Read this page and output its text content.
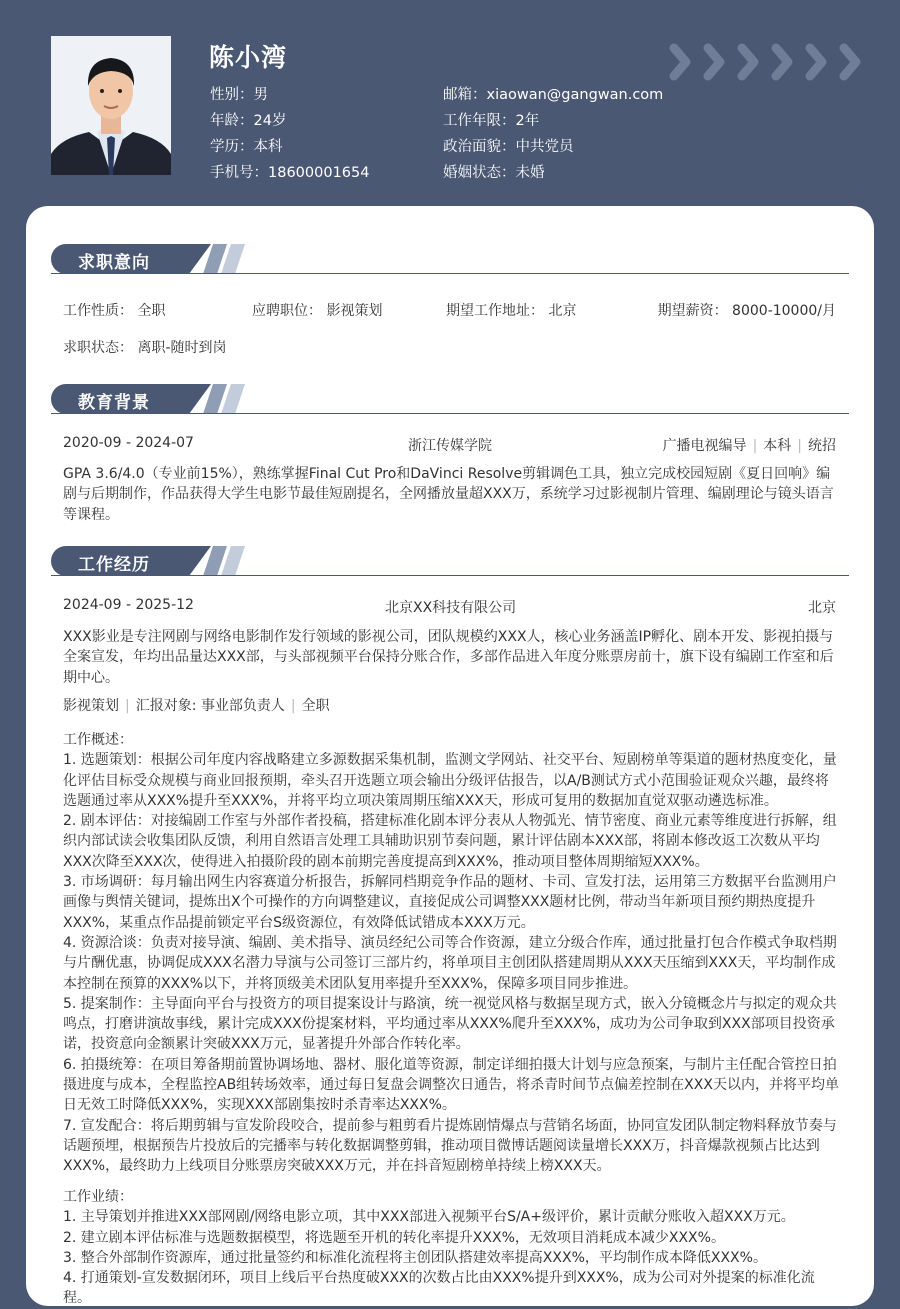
陈小湾
性别：男
年龄：24岁
学历：本科
手机号：18600001654
邮箱：xiaowan@gangwan.com
工作年限：2年
政治面貌：中共党员
婚姻状态：未婚
求职意向
工作性质： 全职	应聘职位： 影视策划	期望工作地址： 北京	期望薪资： 8000-10000/月
求职状态： 离职-随时到岗
教育背景
2020-09 - 2024-07	浙江传媒学院	广播电视编导 | 本科 | 统招
GPA 3.6/4.0（专业前15%），熟练掌握Final Cut Pro和DaVinci Resolve剪辑调色工具，独立完成校园短剧《夏日回响》编剧与后期制作，作品获得大学生电影节最佳短剧提名，全网播放量超XXX万，系统学习过影视制片管理、编剧理论与镜头语言等课程。
工作经历
2024-09 - 2025-12	北京XX科技有限公司	北京
XXX影业是专注网剧与网络电影制作发行领域的影视公司，团队规模约XXX人，核心业务涵盖IP孵化、剧本开发、影视拍摄与全案宣发，年均出品量达XXX部，与头部视频平台保持分账合作，多部作品进入年度分账票房前十，旗下设有编剧工作室和后期中心。
影视策划 | 汇报对象: 事业部负责人 | 全职
工作概述：
1. 选题策划：根据公司年度内容战略建立多源数据采集机制，监测文学网站、社交平台、短剧榜单等渠道的题材热度变化，量化评估目标受众规模与商业回报预期，牵头召开选题立项会输出分级评估报告，以A/B测试方式小范围验证观众兴趣，最终将选题通过率从XXX%提升至XXX%，并将平均立项决策周期压缩XXX天，形成可复用的数据加直觉双驱动遴选标准。
2. 剧本评估：对接编剧工作室与外部作者投稿，搭建标准化剧本评分表从人物弧光、情节密度、商业元素等维度进行拆解，组织内部试读会收集团队反馈，利用自然语言处理工具辅助识别节奏问题，累计评估剧本XXX部，将剧本修改返工次数从平均XXX次降至XXX次，使得进入拍摄阶段的剧本前期完善度提高到XXX%，推动项目整体周期缩短XXX%。
3. 市场调研：每月输出网生内容赛道分析报告，拆解同档期竞争作品的题材、卡司、宣发打法，运用第三方数据平台监测用户画像与舆情关键词，提炼出X个可操作的方向调整建议，直接促成公司调整XXX题材比例，带动当年新项目预约期热度提升XXX%，某重点作品提前锁定平台S级资源位，有效降低试错成本XXX万元。
4. 资源洽谈：负责对接导演、编剧、美术指导、演员经纪公司等合作资源，建立分级合作库，通过批量打包合作模式争取档期与片酬优惠，协调促成XXX名潜力导演与公司签订三部片约，将单项目主创团队搭建周期从XXX天压缩到XXX天，平均制作成本控制在预算的XXX%以下，并将顶级美术团队复用率提升至XXX%，保障多项目同步推进。
5. 提案制作：主导面向平台与投资方的项目提案设计与路演，统一视觉风格与数据呈现方式，嵌入分镜概念片与拟定的观众共鸣点，打磨讲演故事线，累计完成XXX份提案材料，平均通过率从XXX%爬升至XXX%，成功为公司争取到XXX部项目投资承诺，投资意向金额累计突破XXX万元，显著提升外部合作转化率。
6. 拍摄统筹：在项目筹备期前置协调场地、器材、服化道等资源，制定详细拍摄大计划与应急预案，与制片主任配合管控日拍摄进度与成本，全程监控AB组转场效率，通过每日复盘会调整次日通告，将杀青时间节点偏差控制在XXX天以内，并将平均单日无效工时降低XXX%，实现XXX部剧集按时杀青率达XXX%。
7. 宣发配合：将后期剪辑与宣发阶段咬合，提前参与粗剪看片提炼剧情爆点与营销名场面，协同宣发团队制定物料释放节奏与话题预埋，根据预告片投放后的完播率与转化数据调整剪辑，推动项目微博话题阅读量增长XXX万，抖音爆款视频占比达到XXX%，最终助力上线项目分账票房突破XXX万元，并在抖音短剧榜单持续上榜XXX天。
工作业绩：
1. 主导策划并推进XXX部网剧/网络电影立项，其中XXX部进入视频平台S/A+级评价，累计贡献分账收入超XXX万元。
2. 建立剧本评估标准与选题数据模型，将选题至开机的转化率提升XXX%，无效项目消耗成本减少XXX%。
3. 整合外部制作资源库，通过批量签约和标准化流程将主创团队搭建效率提高XXX%，平均制作成本降低XXX%。
4. 打通策划-宣发数据闭环，项目上线后平台热度破XXX的次数占比由XXX%提升到XXX%，成为公司对外提案的标准化流程。
